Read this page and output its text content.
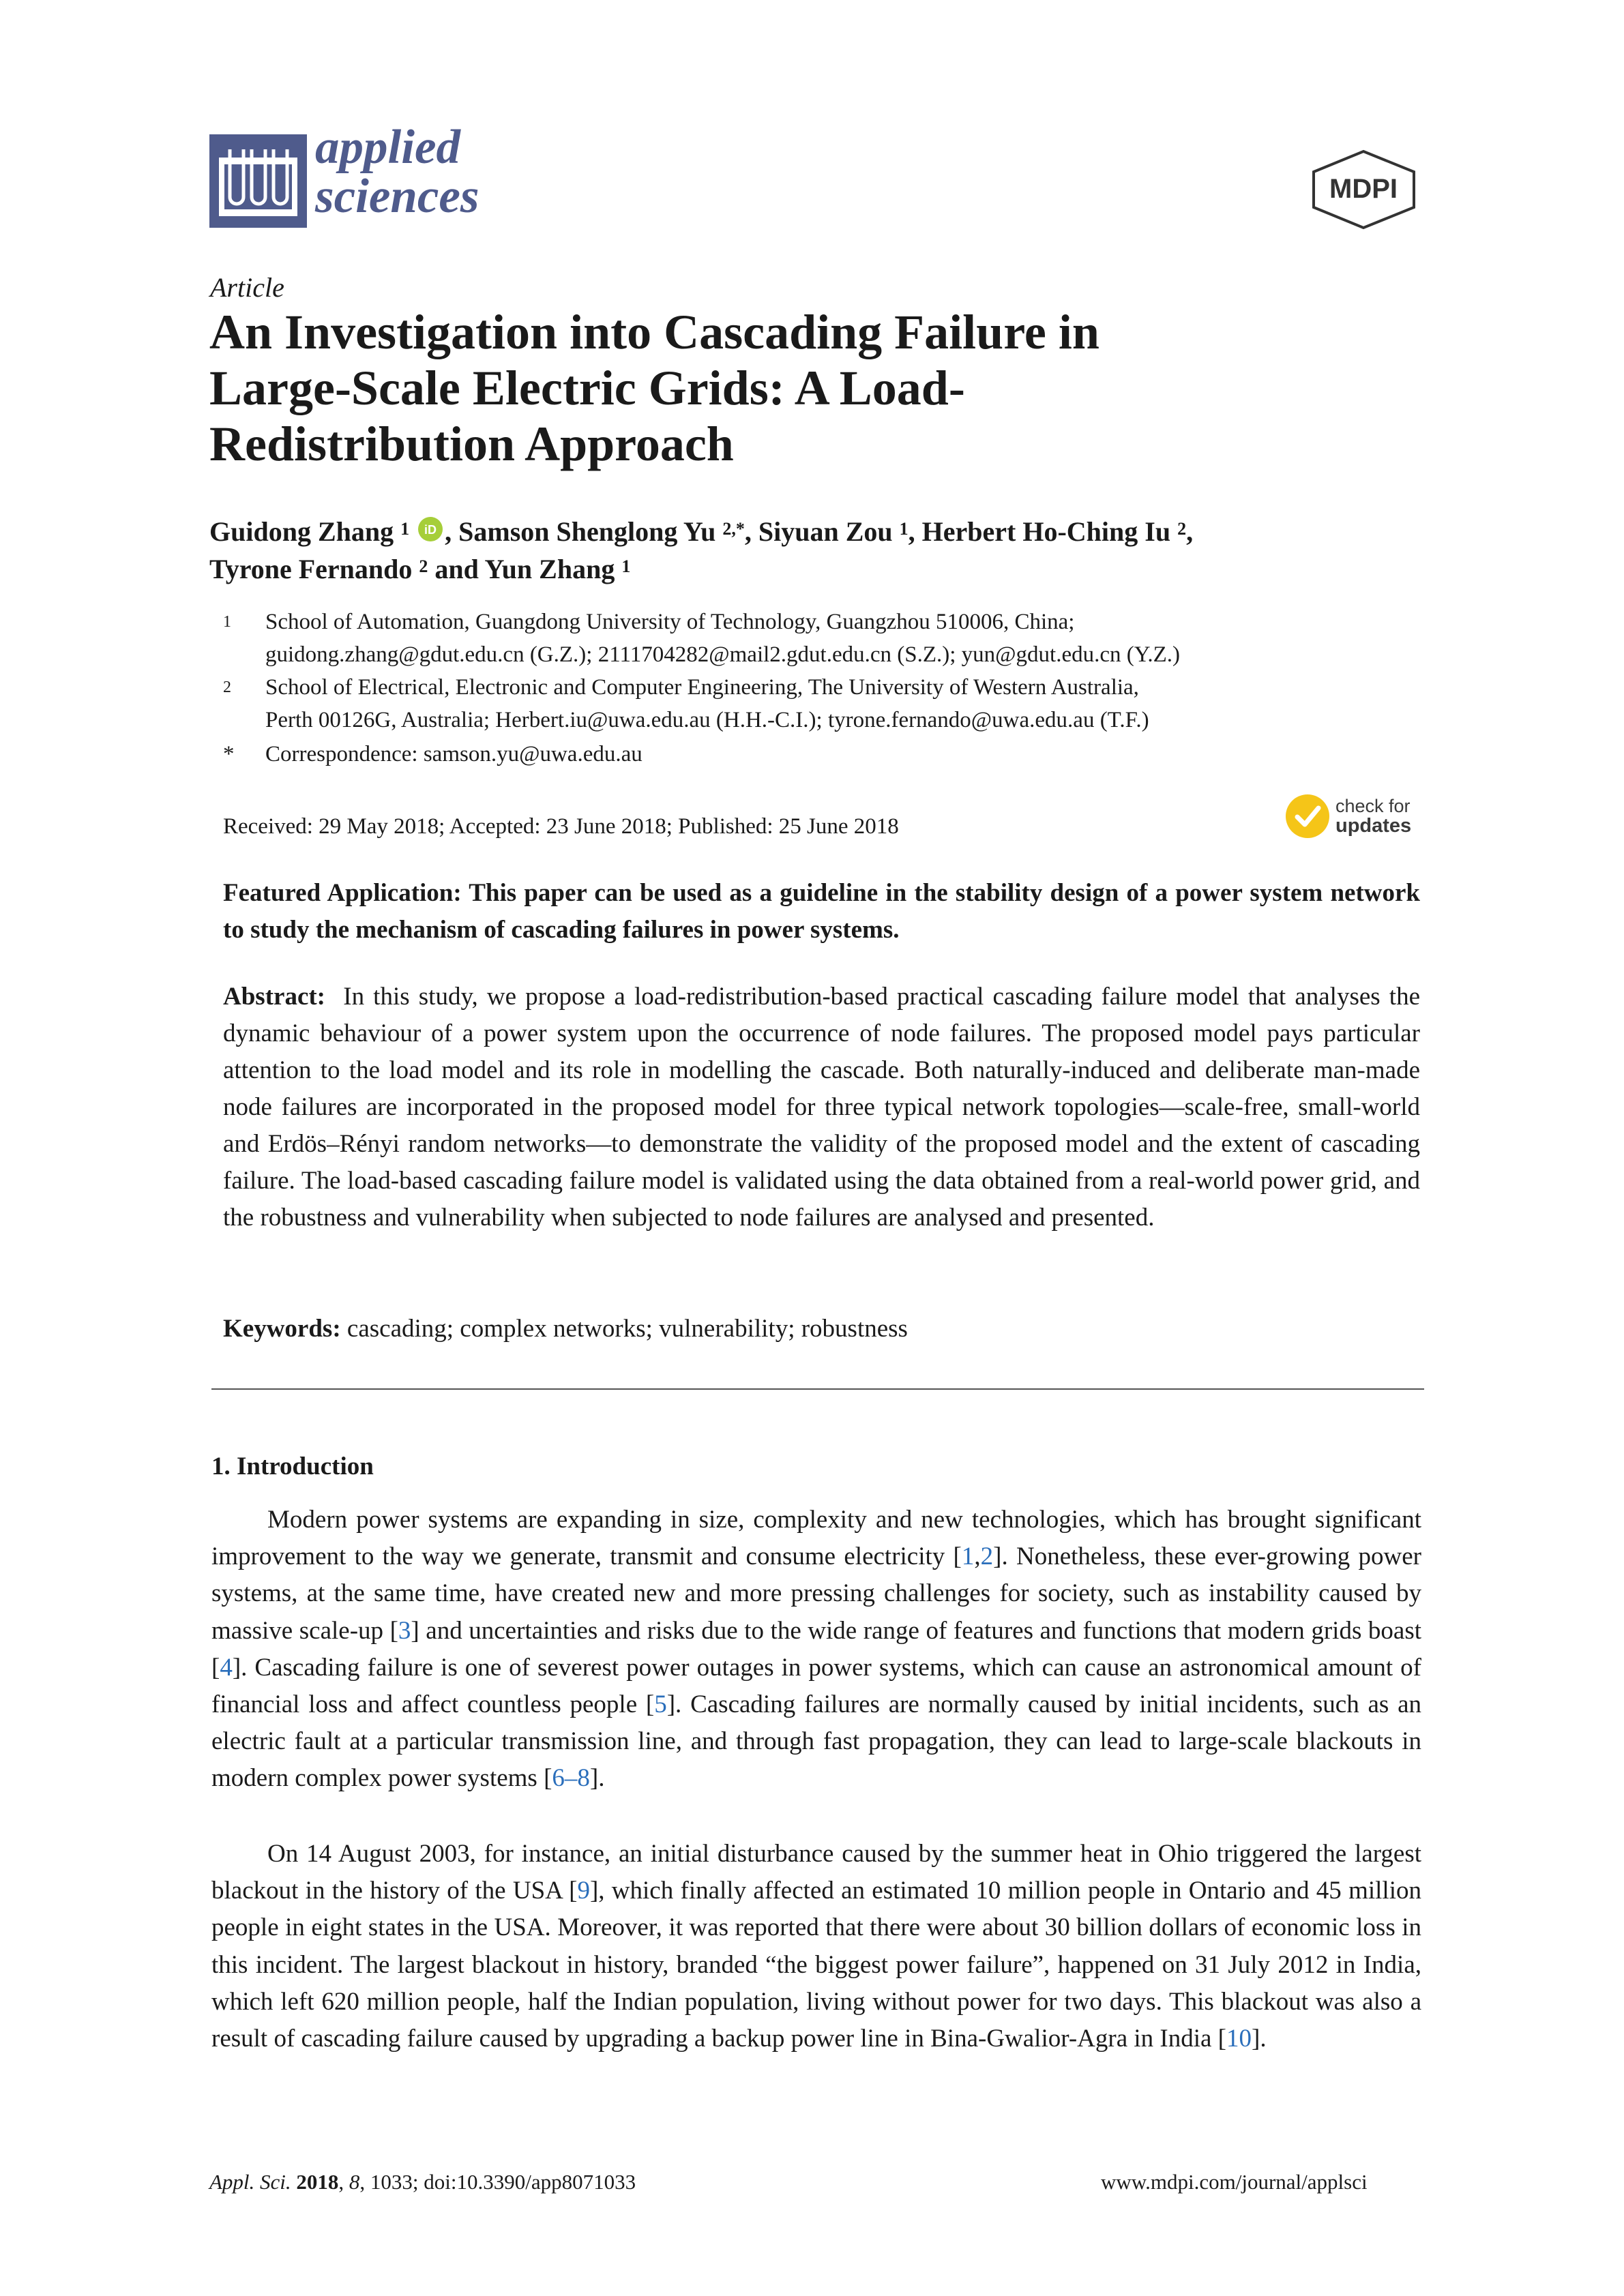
applied
sciences	MDPI
Article
An Investigation into Cascading Failure in Large-Scale Electric Grids: A Load-Redistribution Approach
Guidong Zhang $^1$ iD , Samson Shenglong Yu $^{2,*}$, Siyuan Zou $^1$, Herbert Ho-Ching Iu $^2$,
Tyrone Fernando $^2$ and Yun Zhang $^1$
1 School of Automation, Guangdong University of Technology, Guangzhou 510006, China;
guidong.zhang@gdut.edu.cn (G.Z.); 2111704282@mail2.gdut.edu.cn (S.Z.); yun@gdut.edu.cn (Y.Z.)
2 School of Electrical, Electronic and Computer Engineering, The University of Western Australia,
Perth 00126G, Australia; Herbert.iu@uwa.edu.au (H.H.-C.I.); tyrone.fernando@uwa.edu.au (T.F.)
* Correspondence: samson.yu@uwa.edu.au
Received: 29 May 2018; Accepted: 23 June 2018; Published: 25 June 2018
check for
updates
Featured Application: This paper can be used as a guideline in the stability design of a power system network to study the mechanism of cascading failures in power systems.
Abstract: In this study, we propose a load-redistribution-based practical cascading failure model that analyses the dynamic behaviour of a power system upon the occurrence of node failures. The proposed model pays particular attention to the load model and its role in modelling the cascade. Both naturally-induced and deliberate man-made node failures are incorporated in the proposed model for three typical network topologies—scale-free, small-world and Erdös–Rényi random networks—to demonstrate the validity of the proposed model and the extent of cascading failure. The load-based cascading failure model is validated using the data obtained from a real-world power grid, and the robustness and vulnerability when subjected to node failures are analysed and presented.
Keywords: cascading; complex networks; vulnerability; robustness
1. Introduction
Modern power systems are expanding in size, complexity and new technologies, which has brought significant improvement to the way we generate, transmit and consume electricity [1,2]. Nonetheless, these ever-growing power systems, at the same time, have created new and more pressing challenges for society, such as instability caused by massive scale-up [3] and uncertainties and risks due to the wide range of features and functions that modern grids boast [4]. Cascading failure is one of severest power outages in power systems, which can cause an astronomical amount of financial loss and affect countless people [5]. Cascading failures are normally caused by initial incidents, such as an electric fault at a particular transmission line, and through fast propagation, they can lead to large-scale blackouts in modern complex power systems [6–8].
On 14 August 2003, for instance, an initial disturbance caused by the summer heat in Ohio triggered the largest blackout in the history of the USA [9], which finally affected an estimated 10 million people in Ontario and 45 million people in eight states in the USA. Moreover, it was reported that there were about 30 billion dollars of economic loss in this incident. The largest blackout in history, branded “the biggest power failure”, happened on 31 July 2012 in India, which left 620 million people, half the Indian population, living without power for two days. This blackout was also a result of cascading failure caused by upgrading a backup power line in Bina-Gwalior-Agra in India [10].
Appl. Sci. 2018, 8, 1033; doi:10.3390/app8071033	www.mdpi.com/journal/applsci
